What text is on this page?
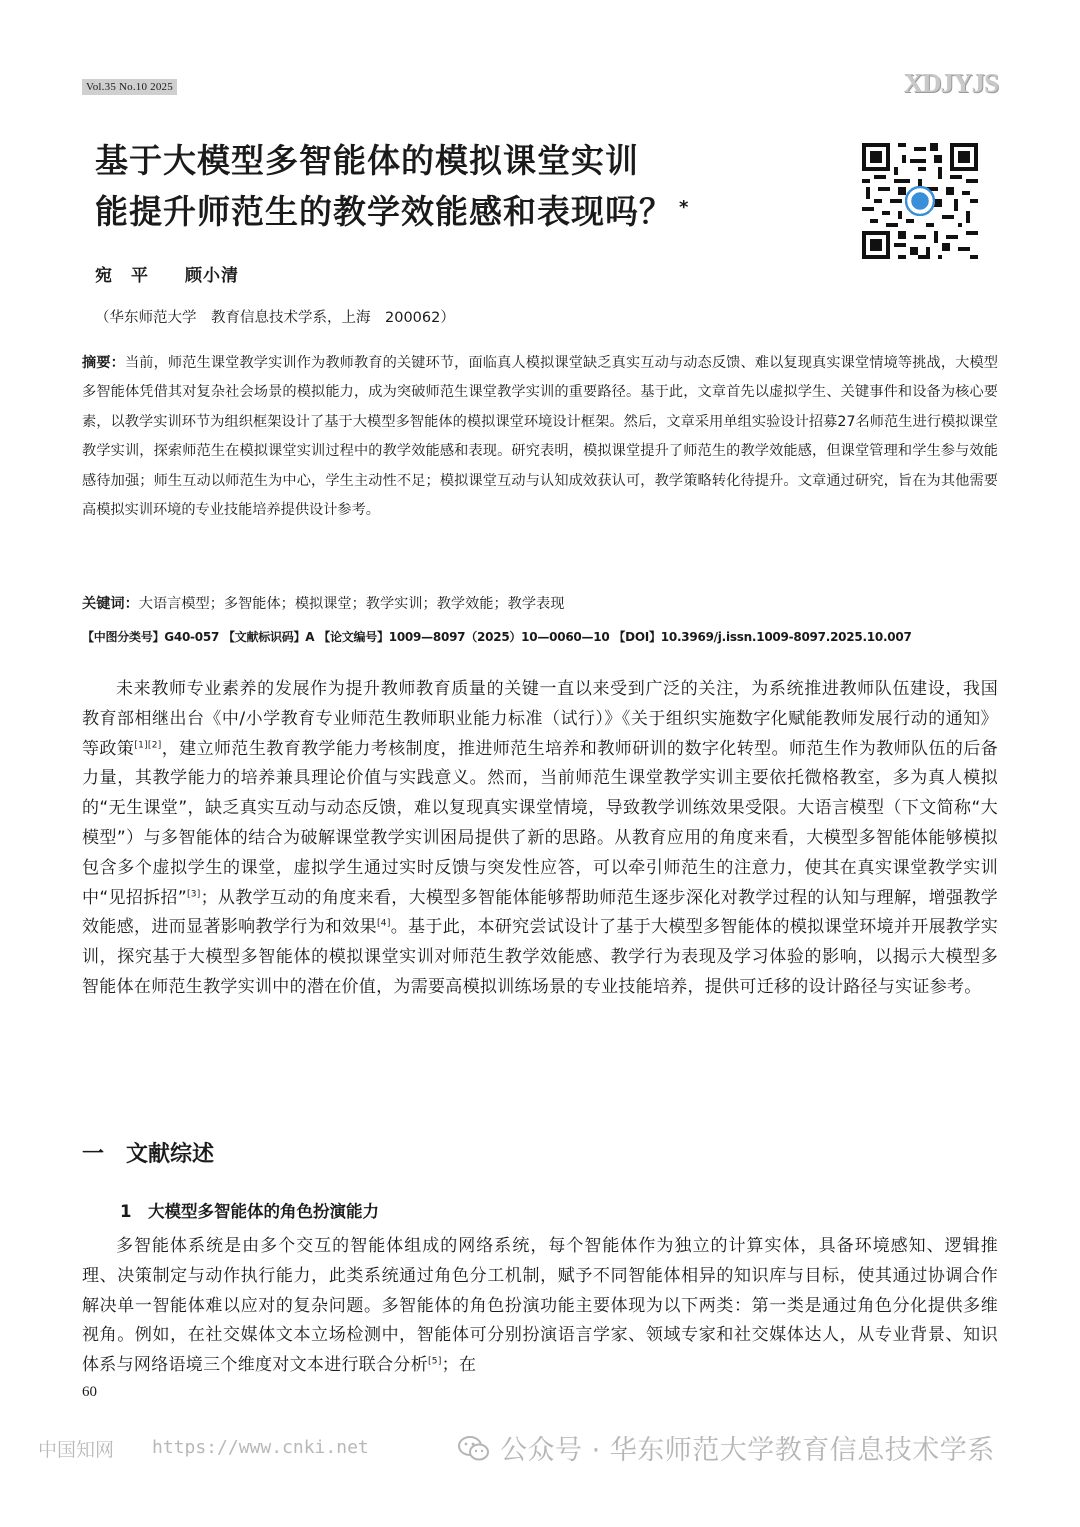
Vol.35 No.10 2025	XDJYJS
基于大模型多智能体的模拟课堂实训
能提升师范生的教学效能感和表现吗？ *
宛　平　　顾小清
（华东师范大学　教育信息技术学系，上海　200062）
摘要：当前，师范生课堂教学实训作为教师教育的关键环节，面临真人模拟课堂缺乏真实互动与动态反馈、难以复现真实课堂情境等挑战，大模型多智能体凭借其对复杂社会场景的模拟能力，成为突破师范生课堂教学实训的重要路径。基于此，文章首先以虚拟学生、关键事件和设备为核心要素，以教学实训环节为组织框架设计了基于大模型多智能体的模拟课堂环境设计框架。然后，文章采用单组实验设计招募27名师范生进行模拟课堂教学实训，探索师范生在模拟课堂实训过程中的教学效能感和表现。研究表明，模拟课堂提升了师范生的教学效能感，但课堂管理和学生参与效能感待加强；师生互动以师范生为中心，学生主动性不足；模拟课堂互动与认知成效获认可，教学策略转化待提升。文章通过研究，旨在为其他需要高模拟实训环境的专业技能培养提供设计参考。
关键词：大语言模型；多智能体；模拟课堂；教学实训；教学效能；教学表现
【中图分类号】G40-057 【文献标识码】A 【论文编号】1009—8097（2025）10—0060—10 【DOI】10.3969/j.issn.1009-8097.2025.10.007
未来教师专业素养的发展作为提升教师教育质量的关键一直以来受到广泛的关注，为系统推进教师队伍建设，我国教育部相继出台《中/小学教育专业师范生教师职业能力标准（试行）》《关于组织实施数字化赋能教师发展行动的通知》等政策[1][2]，建立师范生教育教学能力考核制度，推进师范生培养和教师研训的数字化转型。师范生作为教师队伍的后备力量，其教学能力的培养兼具理论价值与实践意义。然而，当前师范生课堂教学实训主要依托微格教室，多为真人模拟的“无生课堂”，缺乏真实互动与动态反馈，难以复现真实课堂情境，导致教学训练效果受限。大语言模型（下文简称“大模型”）与多智能体的结合为破解课堂教学实训困局提供了新的思路。从教育应用的角度来看，大模型多智能体能够模拟包含多个虚拟学生的课堂，虚拟学生通过实时反馈与突发性应答，可以牵引师范生的注意力，使其在真实课堂教学实训中“见招拆招”[3]；从教学互动的角度来看，大模型多智能体能够帮助师范生逐步深化对教学过程的认知与理解，增强教学效能感，进而显著影响教学行为和效果[4]。基于此，本研究尝试设计了基于大模型多智能体的模拟课堂环境并开展教学实训，探究基于大模型多智能体的模拟课堂实训对师范生教学效能感、教学行为表现及学习体验的影响，以揭示大模型多智能体在师范生教学实训中的潜在价值，为需要高模拟训练场景的专业技能培养，提供可迁移的设计路径与实证参考。
一　文献综述
1　大模型多智能体的角色扮演能力
多智能体系统是由多个交互的智能体组成的网络系统，每个智能体作为独立的计算实体，具备环境感知、逻辑推理、决策制定与动作执行能力，此类系统通过角色分工机制，赋予不同智能体相异的知识库与目标，使其通过协调合作解决单一智能体难以应对的复杂问题。多智能体的角色扮演功能主要体现为以下两类：第一类是通过角色分化提供多维视角。例如，在社交媒体文本立场检测中，智能体可分别扮演语言学家、领域专家和社交媒体达人，从专业背景、知识体系与网络语境三个维度对文本进行联合分析[5]；在
60
中国知网 https://www.cnki.net	公众号 · 华东师范大学教育信息技术学系
